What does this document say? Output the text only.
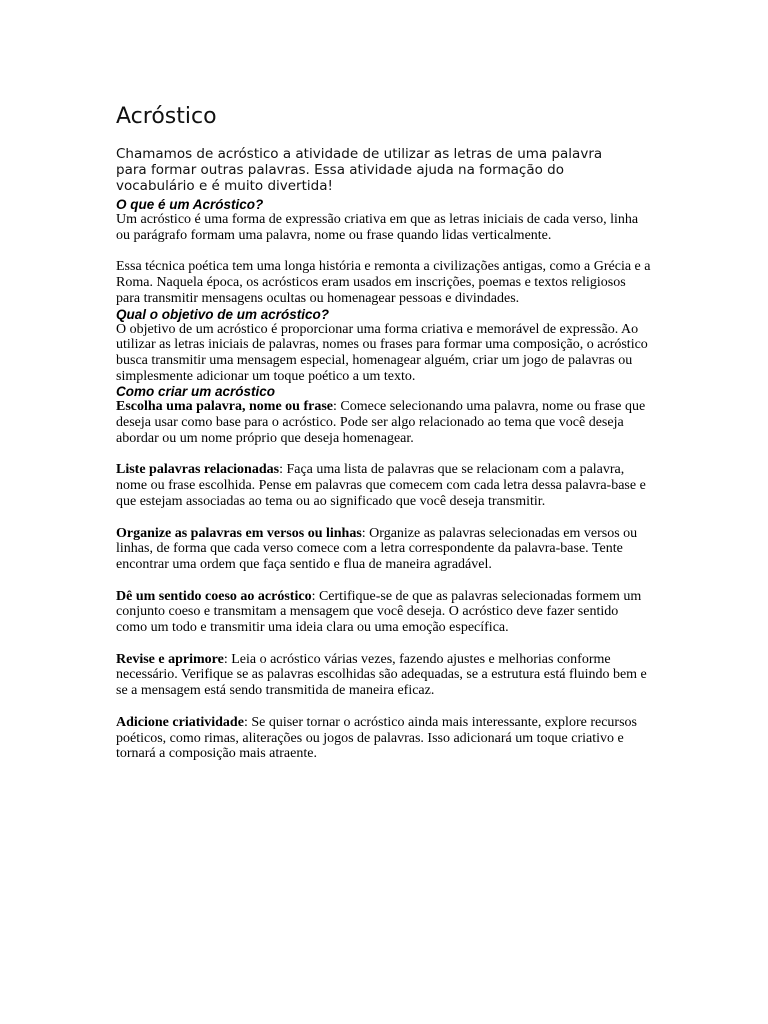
Acróstico

Chamamos de acróstico a atividade de utilizar as letras de uma palavra para formar outras palavras. Essa atividade ajuda na formação do vocabulário e é muito divertida!

O que é um Acróstico?

Um acróstico é uma forma de expressão criativa em que as letras iniciais de cada verso, linha ou parágrafo formam uma palavra, nome ou frase quando lidas verticalmente.

Essa técnica poética tem uma longa história e remonta a civilizações antigas, como a Grécia e a Roma. Naquela época, os acrósticos eram usados em inscrições, poemas e textos religiosos para transmitir mensagens ocultas ou homenagear pessoas e divindades.

Qual o objetivo de um acróstico?

O objetivo de um acróstico é proporcionar uma forma criativa e memorável de expressão. Ao utilizar as letras iniciais de palavras, nomes ou frases para formar uma composição, o acróstico busca transmitir uma mensagem especial, homenagear alguém, criar um jogo de palavras ou simplesmente adicionar um toque poético a um texto.

Como criar um acróstico

Escolha uma palavra, nome ou frase: Comece selecionando uma palavra, nome ou frase que deseja usar como base para o acróstico. Pode ser algo relacionado ao tema que você deseja abordar ou um nome próprio que deseja homenagear.

Liste palavras relacionadas: Faça uma lista de palavras que se relacionam com a palavra, nome ou frase escolhida. Pense em palavras que comecem com cada letra dessa palavra-base e que estejam associadas ao tema ou ao significado que você deseja transmitir.

Organize as palavras em versos ou linhas: Organize as palavras selecionadas em versos ou linhas, de forma que cada verso comece com a letra correspondente da palavra-base. Tente encontrar uma ordem que faça sentido e flua de maneira agradável.

Dê um sentido coeso ao acróstico: Certifique-se de que as palavras selecionadas formem um conjunto coeso e transmitam a mensagem que você deseja. O acróstico deve fazer sentido como um todo e transmitir uma ideia clara ou uma emoção específica.

Revise e aprimore: Leia o acróstico várias vezes, fazendo ajustes e melhorias conforme necessário. Verifique se as palavras escolhidas são adequadas, se a estrutura está fluindo bem e se a mensagem está sendo transmitida de maneira eficaz.

Adicione criatividade: Se quiser tornar o acróstico ainda mais interessante, explore recursos poéticos, como rimas, aliterações ou jogos de palavras. Isso adicionará um toque criativo e tornará a composição mais atraente.
